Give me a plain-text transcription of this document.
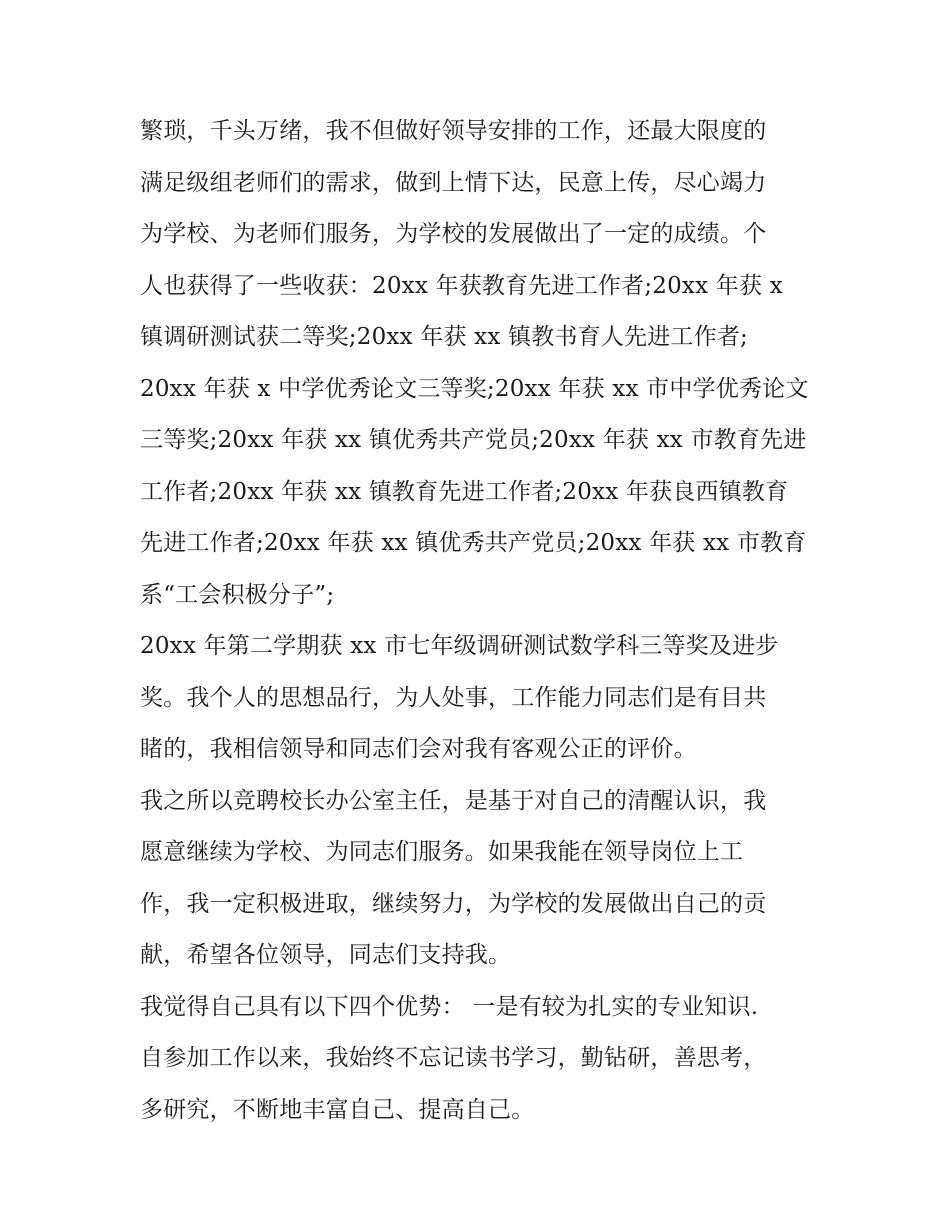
繁琐，千头万绪，我不但做好领导安排的工作，还最大限度的
满足级组老师们的需求，做到上情下达，民意上传，尽心竭力
为学校、为老师们服务，为学校的发展做出了一定的成绩。个
人也获得了一些收获：20xx 年获教育先进工作者;20xx 年获 x
镇调研测试获二等奖;20xx 年获 xx 镇教书育人先进工作者;
20xx 年获 x 中学优秀论文三等奖;20xx 年获 xx 市中学优秀论文
三等奖;20xx 年获 xx 镇优秀共产党员;20xx 年获 xx 市教育先进
工作者;20xx 年获 xx 镇教育先进工作者;20xx 年获良西镇教育
先进工作者;20xx 年获 xx 镇优秀共产党员;20xx 年获 xx 市教育
系“工会积极分子”;
20xx 年第二学期获 xx 市七年级调研测试数学科三等奖及进步
奖。我个人的思想品行，为人处事，工作能力同志们是有目共
睹的，我相信领导和同志们会对我有客观公正的评价。
我之所以竞聘校长办公室主任，是基于对自己的清醒认识，我
愿意继续为学校、为同志们服务。如果我能在领导岗位上工
作，我一定积极进取，继续努力，为学校的发展做出自己的贡
献，希望各位领导，同志们支持我。
我觉得自己具有以下四个优势： 一是有较为扎实的专业知识.
自参加工作以来，我始终不忘记读书学习，勤钻研，善思考，
多研究，不断地丰富自己、提高自己。
